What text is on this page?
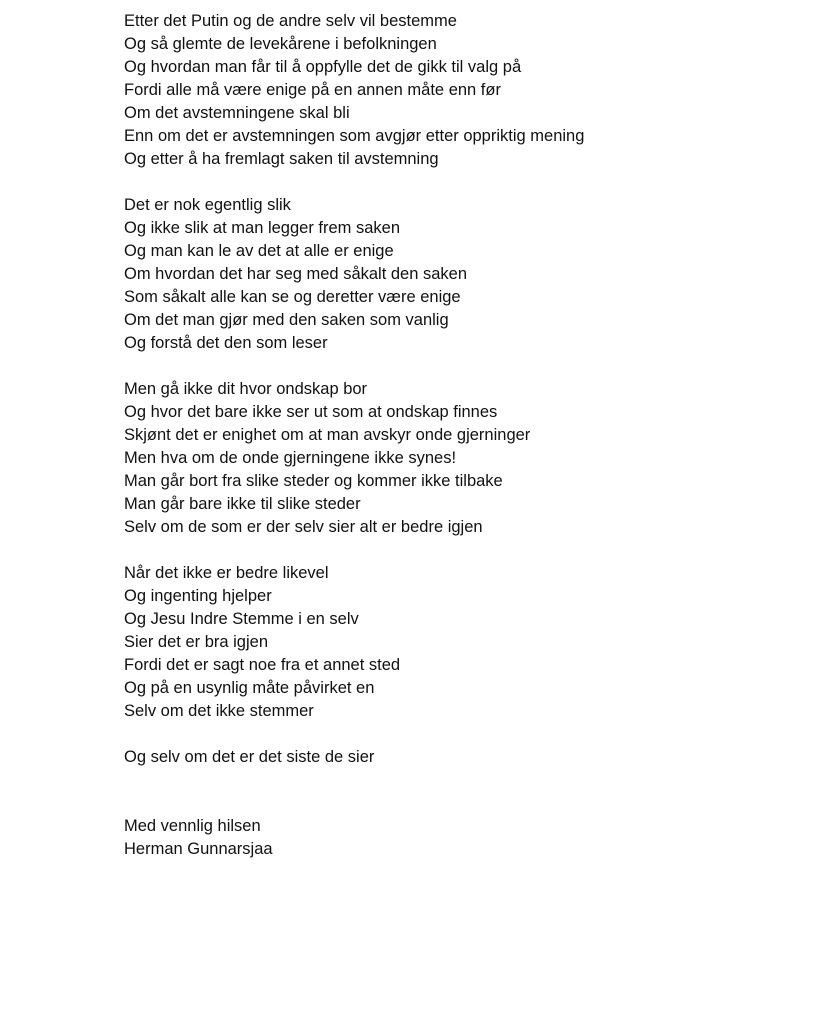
Etter det Putin og de andre selv vil bestemme
Og så glemte de levekårene i befolkningen
Og hvordan man får til å oppfylle det de gikk til valg på
Fordi alle må være enige på en annen måte enn før
Om det avstemningene skal bli
Enn om det er avstemningen som avgjør etter oppriktig mening
Og etter å ha fremlagt saken til avstemning
Det er nok egentlig slik
Og ikke slik at man legger frem saken
Og man kan le av det at alle er enige
Om hvordan det har seg med såkalt den saken
Som såkalt alle kan se og deretter være enige
Om det man gjør med den saken som vanlig
Og forstå det den som leser
Men gå ikke dit hvor ondskap bor
Og hvor det bare ikke ser ut som at ondskap finnes
Skjønt det er enighet om at man avskyr onde gjerninger
Men hva om de onde gjerningene ikke synes!
Man går bort fra slike steder og kommer ikke tilbake
Man går bare ikke til slike steder
Selv om de som er der selv sier alt er bedre igjen
Når det ikke er bedre likevel
Og ingenting hjelper
Og Jesu Indre Stemme i en selv
Sier det er bra igjen
Fordi det er sagt noe fra et annet sted
Og på en usynlig måte påvirket en
Selv om det ikke stemmer
Og selv om det er det siste de sier
Med vennlig hilsen
Herman Gunnarsjaa
